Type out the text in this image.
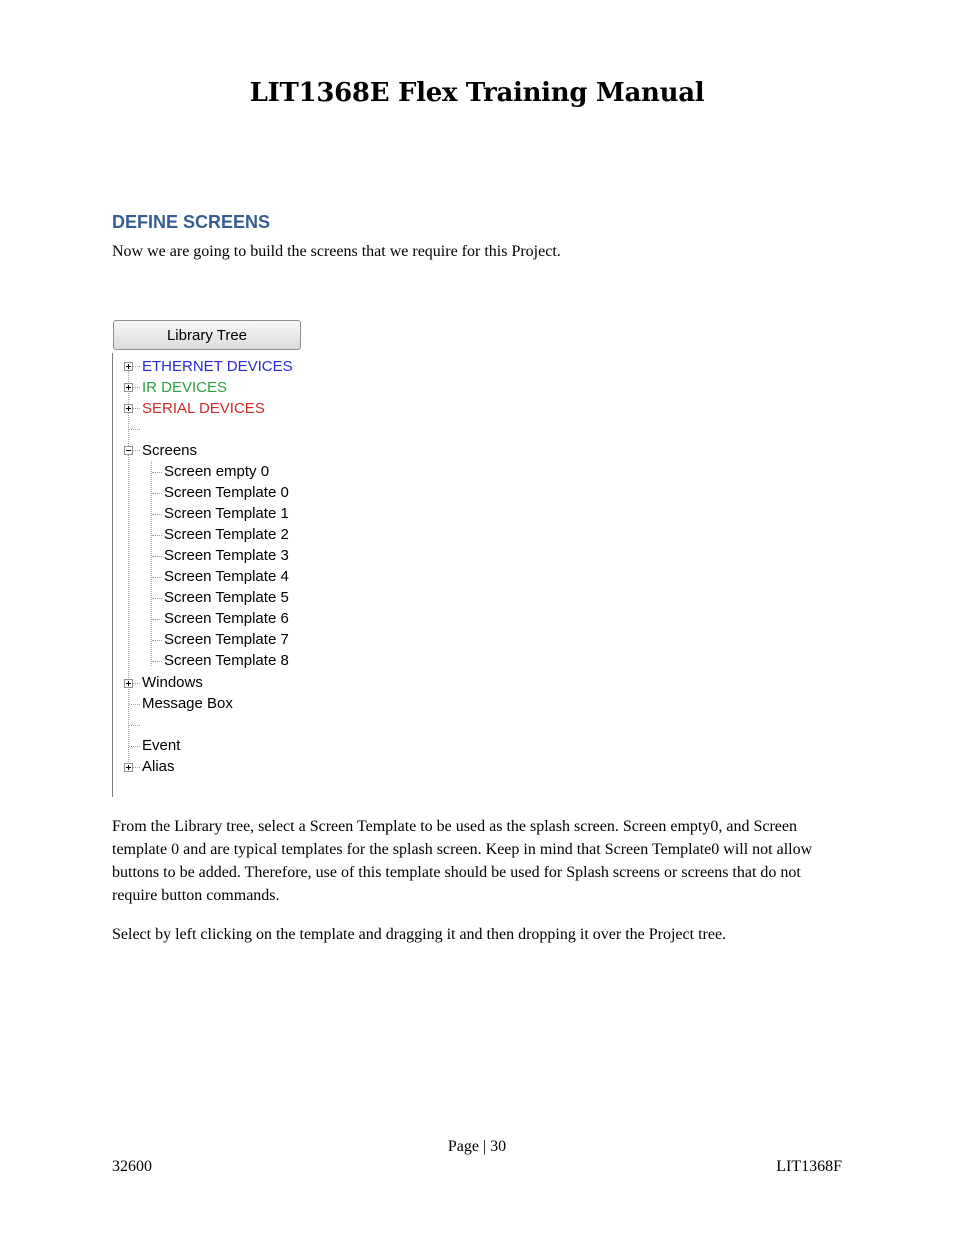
LIT1368E Flex Training Manual
DEFINE SCREENS
Now we are going to build the screens that we require for this Project.
Library Tree
ETHERNET DEVICES
IR DEVICES
SERIAL DEVICES
Screens
Screen empty 0
Screen Template 0
Screen Template 1
Screen Template 2
Screen Template 3
Screen Template 4
Screen Template 5
Screen Template 6
Screen Template 7
Screen Template 8
Windows
Message Box
Event
Alias

From the Library tree, select a Screen Template to be used as the splash screen. Screen empty0, and Screen template 0 and are typical templates for the splash screen. Keep in mind that Screen Template0 will not allow buttons to be added. Therefore, use of this template should be used for Splash screens or screens that do not require button commands.

Select by left clicking on the template and dragging it and then dropping it over the Project tree.

Page | 30
32600	LIT1368F
